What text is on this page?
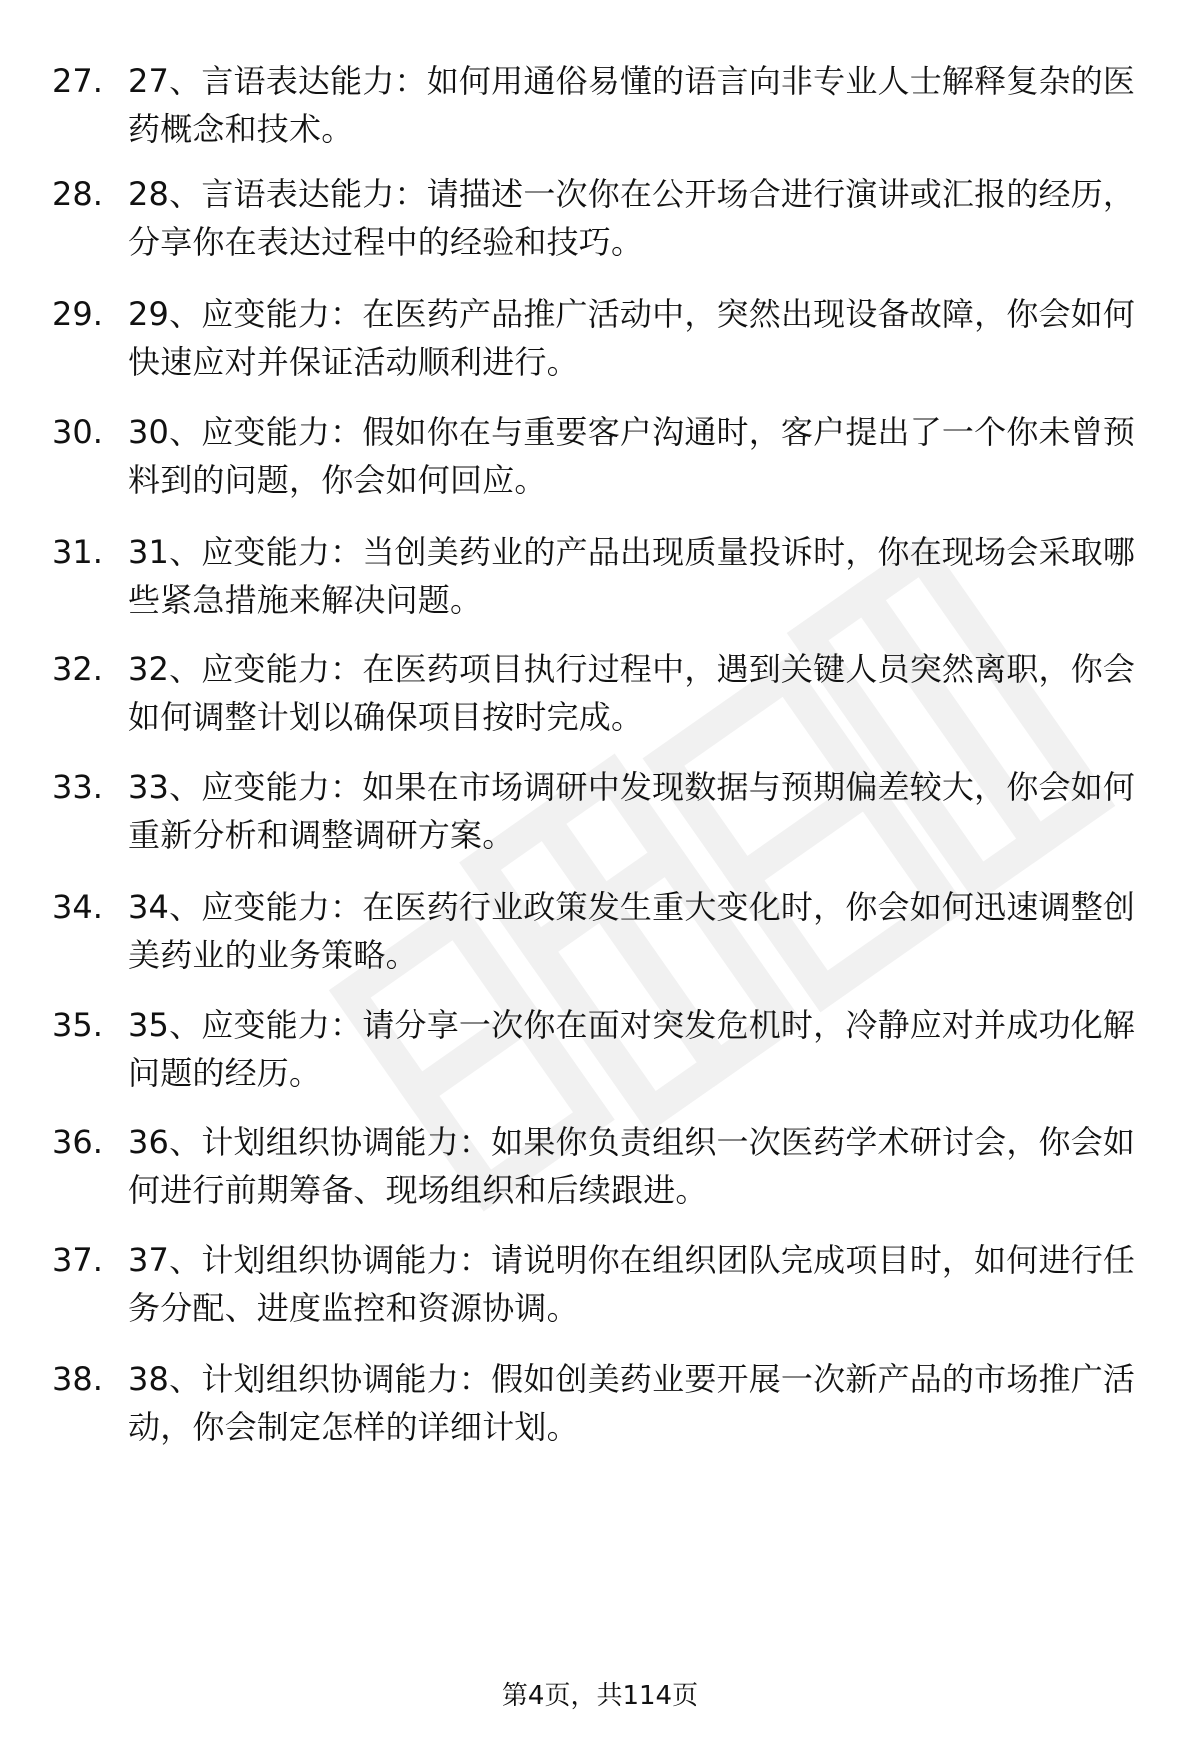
27. 27、言语表达能力：如何用通俗易懂的语言向非专业人士解释复杂的医药概念和技术。
28. 28、言语表达能力：请描述一次你在公开场合进行演讲或汇报的经历，分享你在表达过程中的经验和技巧。
29. 29、应变能力：在医药产品推广活动中，突然出现设备故障，你会如何快速应对并保证活动顺利进行。
30. 30、应变能力：假如你在与重要客户沟通时，客户提出了一个你未曾预料到的问题，你会如何回应。
31. 31、应变能力：当创美药业的产品出现质量投诉时，你在现场会采取哪些紧急措施来解决问题。
32. 32、应变能力：在医药项目执行过程中，遇到关键人员突然离职，你会如何调整计划以确保项目按时完成。
33. 33、应变能力：如果在市场调研中发现数据与预期偏差较大，你会如何重新分析和调整调研方案。
34. 34、应变能力：在医药行业政策发生重大变化时，你会如何迅速调整创美药业的业务策略。
35. 35、应变能力：请分享一次你在面对突发危机时，冷静应对并成功化解问题的经历。
36. 36、计划组织协调能力：如果你负责组织一次医药学术研讨会，你会如何进行前期筹备、现场组织和后续跟进。
37. 37、计划组织协调能力：请说明你在组织团队完成项目时，如何进行任务分配、进度监控和资源协调。
38. 38、计划组织协调能力：假如创美药业要开展一次新产品的市场推广活动，你会制定怎样的详细计划。
第4页，共114页
